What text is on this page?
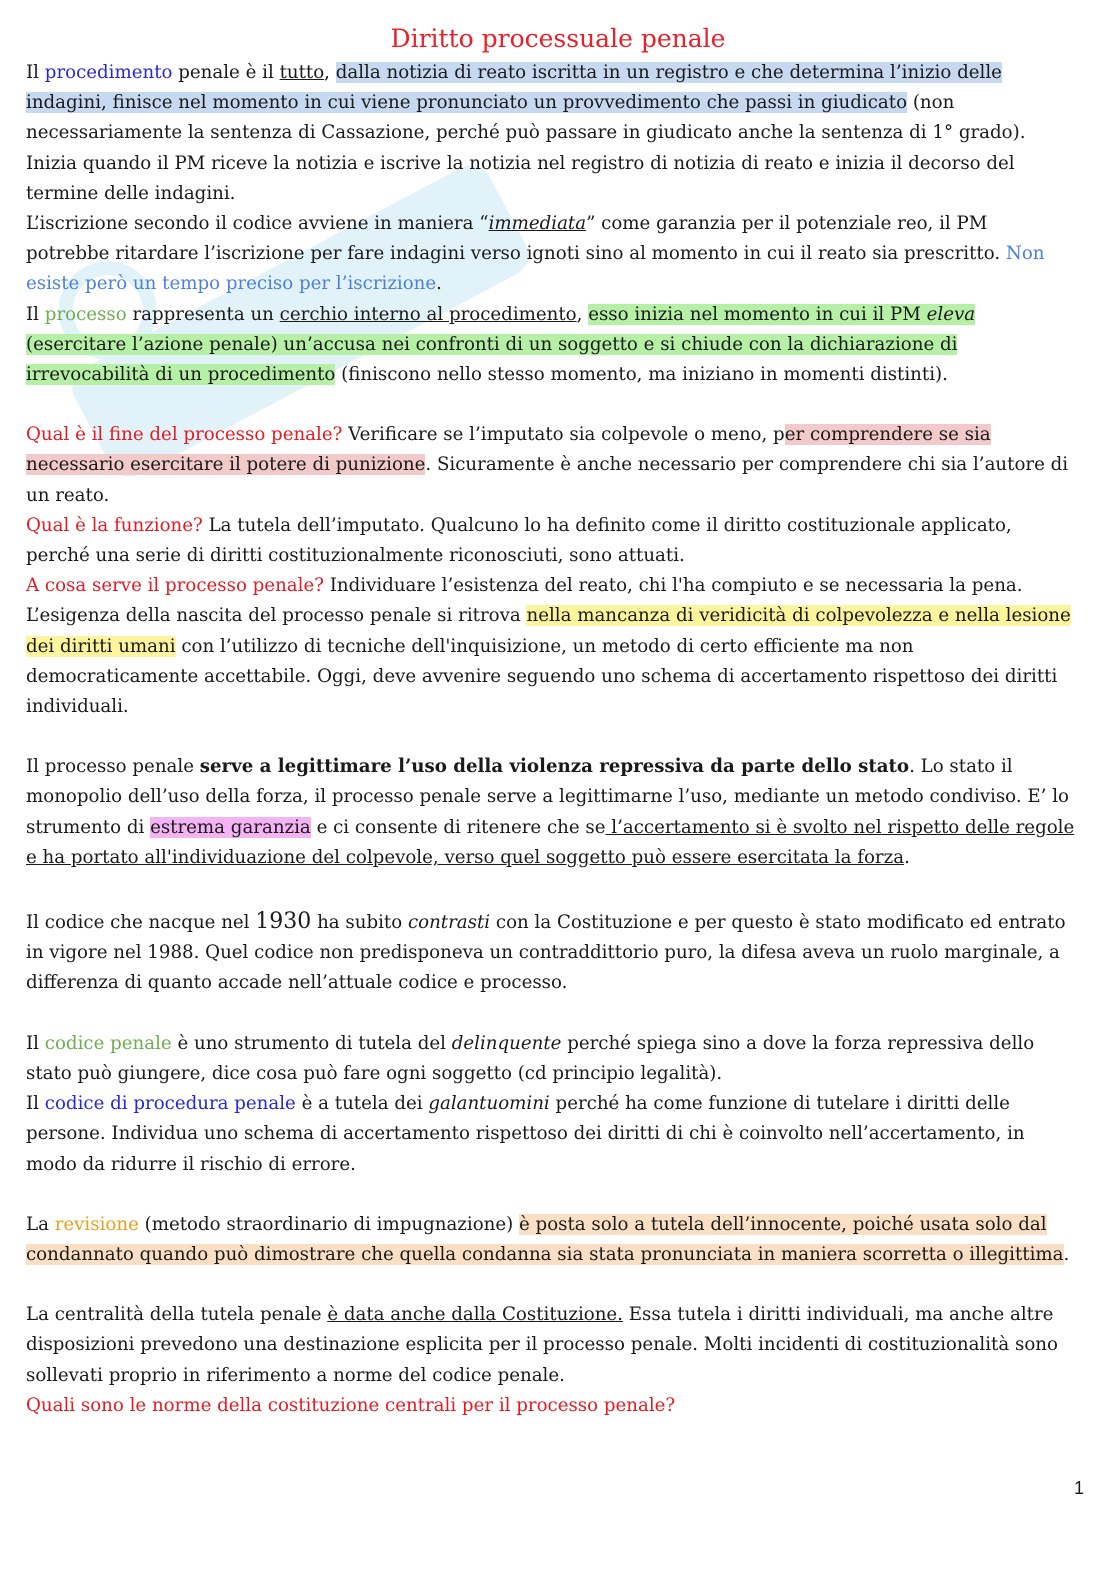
Diritto processuale penale

Il procedimento penale è il tutto, dalla notizia di reato iscritta in un registro e che determina l’inizio delle indagini, finisce nel momento in cui viene pronunciato un provvedimento che passi in giudicato (non necessariamente la sentenza di Cassazione, perché può passare in giudicato anche la sentenza di 1° grado).

Inizia quando il PM riceve la notizia e iscrive la notizia nel registro di notizia di reato e inizia il decorso del termine delle indagini.

L’iscrizione secondo il codice avviene in maniera “immediata” come garanzia per il potenziale reo, il PM potrebbe ritardare l’iscrizione per fare indagini verso ignoti sino al momento in cui il reato sia prescritto. Non esiste però un tempo preciso per l’iscrizione.

Il processo rappresenta un cerchio interno al procedimento, esso inizia nel momento in cui il PM eleva (esercitare l’azione penale) un’accusa nei confronti di un soggetto e si chiude con la dichiarazione di irrevocabilità di un procedimento (finiscono nello stesso momento, ma iniziano in momenti distinti).

Qual è il fine del processo penale? Verificare se l’imputato sia colpevole o meno, per comprendere se sia necessario esercitare il potere di punizione. Sicuramente è anche necessario per comprendere chi sia l’autore di un reato.

Qual è la funzione? La tutela dell’imputato. Qualcuno lo ha definito come il diritto costituzionale applicato, perché una serie di diritti costituzionalmente riconosciuti, sono attuati.

A cosa serve il processo penale? Individuare l’esistenza del reato, chi l'ha compiuto e se necessaria la pena.

L’esigenza della nascita del processo penale si ritrova nella mancanza di veridicità di colpevolezza e nella lesione dei diritti umani con l’utilizzo di tecniche dell'inquisizione, un metodo di certo efficiente ma non democraticamente accettabile. Oggi, deve avvenire seguendo uno schema di accertamento rispettoso dei diritti individuali.

Il processo penale serve a legittimare l’uso della violenza repressiva da parte dello stato. Lo stato il monopolio dell’uso della forza, il processo penale serve a legittimarne l’uso, mediante un metodo condiviso. E’ lo strumento di estrema garanzia e ci consente di ritenere che se l’accertamento si è svolto nel rispetto delle regole e ha portato all'individuazione del colpevole, verso quel soggetto può essere esercitata la forza.

Il codice che nacque nel 1930 ha subito contrasti con la Costituzione e per questo è stato modificato ed entrato in vigore nel 1988. Quel codice non predisponeva un contraddittorio puro, la difesa aveva un ruolo marginale, a differenza di quanto accade nell’attuale codice e processo.

Il codice penale è uno strumento di tutela del delinquente perché spiega sino a dove la forza repressiva dello stato può giungere, dice cosa può fare ogni soggetto (cd principio legalità).

Il codice di procedura penale è a tutela dei galantuomini perché ha come funzione di tutelare i diritti delle persone. Individua uno schema di accertamento rispettoso dei diritti di chi è coinvolto nell’accertamento, in modo da ridurre il rischio di errore.

La revisione (metodo straordinario di impugnazione) è posta solo a tutela dell’innocente, poiché usata solo dal condannato quando può dimostrare che quella condanna sia stata pronunciata in maniera scorretta o illegittima.

La centralità della tutela penale è data anche dalla Costituzione. Essa tutela i diritti individuali, ma anche altre disposizioni prevedono una destinazione esplicita per il processo penale. Molti incidenti di costituzionalità sono sollevati proprio in riferimento a norme del codice penale.

Quali sono le norme della costituzione centrali per il processo penale?

1
